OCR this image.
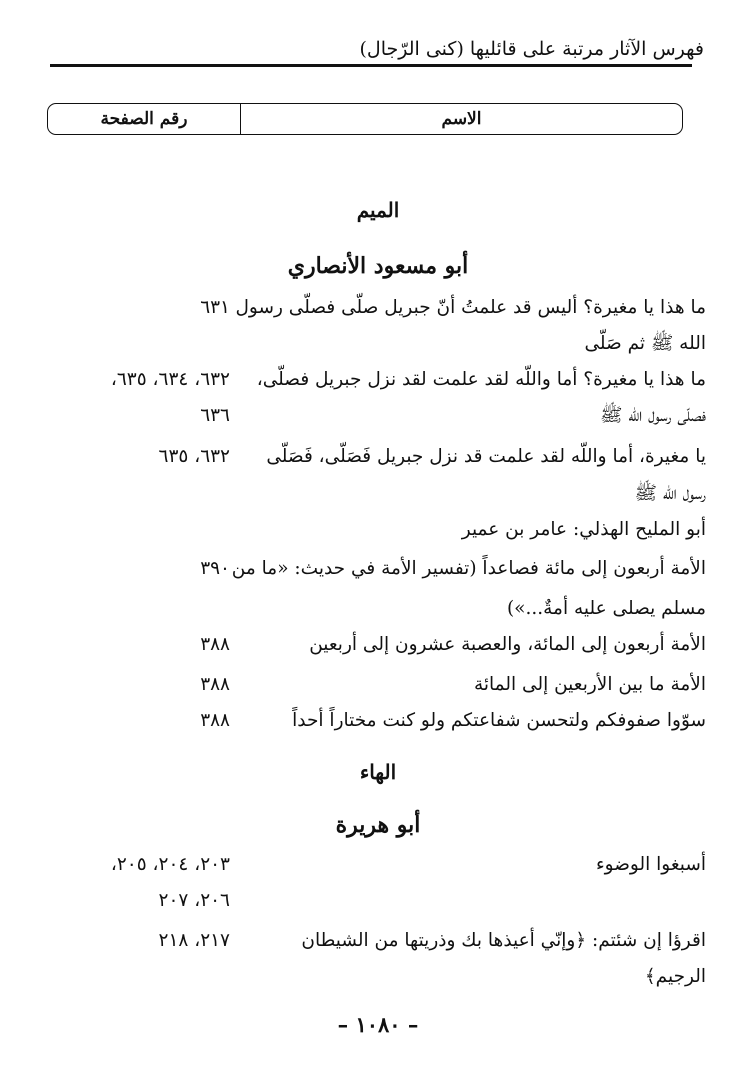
فهرس الآثار مرتبة على قائليها (كنى الرّجال)
الاسم
رقم الصفحة
الميم
أبو مسعود الأنصاري
ما هذا يا مغيرة؟ أليس قد علمتُ أنّ جبريل صلّى فصلّى رسول
٦٣١
الله ﷺ ثم صَلّى
ما هذا يا مغيرة؟ أما واللّه لقد علمت لقد نزل جبريل فصلّى،
٦٣٢، ٦٣٤، ٦٣٥،
فصلّى رسول الله ﷺ
٦٣٦
يا مغيرة، أما واللّه لقد علمت قد نزل جبريل فَصَلّى، فَصَلّى
٦٣٢، ٦٣٥
رسول الله ﷺ
أبو المليح الهذلي: عامر بن عمير
الأمة أربعون إلى مائة فصاعداً (تفسير الأمة في حديث: «ما من
٣٩٠
مسلم يصلى عليه أمةٌ...»)
الأمة أربعون إلى المائة، والعصبة عشرون إلى أربعين
٣٨٨
الأمة ما بين الأربعين إلى المائة
٣٨٨
سوّوا صفوفكم ولتحسن شفاعتكم ولو كنت مختاراً أحداً
٣٨٨
الهاء
أبو هريرة
أسبغوا الوضوء
٢٠٣، ٢٠٤، ٢٠٥،
٢٠٦، ٢٠٧
اقرؤا إن شئتم: ﴿وإنّي أعيذها بك وذريتها من الشيطان
٢١٧، ٢١٨
الرجيم﴾
– ١٠٨٠ –
